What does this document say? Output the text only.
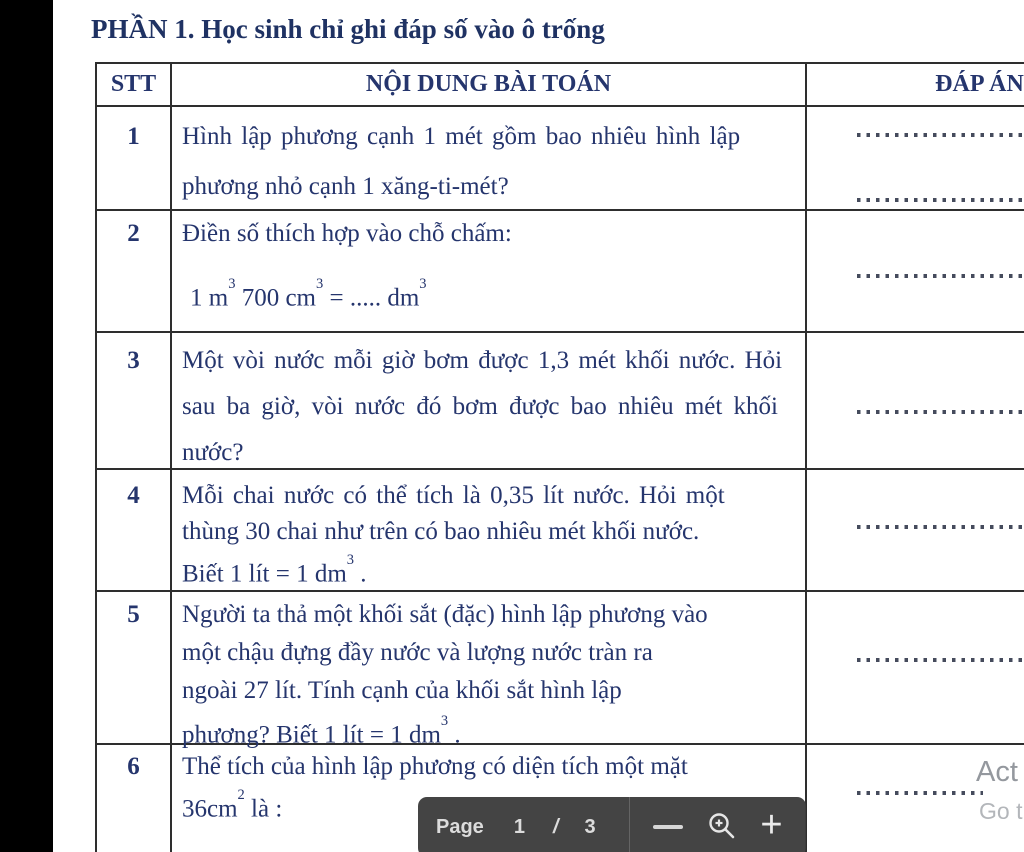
PHẦN 1. Học sinh chỉ ghi đáp số vào ô trống
STT	NỘI DUNG BÀI TOÁN	ĐÁP ÁN
1	Hình lập phương cạnh 1 mét gồm bao nhiêu hình lập
phương nhỏ cạnh 1 xăng-ti-mét?
2	Điền số thích hợp vào chỗ chấm:
1 $m^3$ 700 $cm^3$ = ..... $dm^3$
3	Một vòi nước mỗi giờ bơm được 1,3 mét khối nước. Hỏi
sau ba giờ, vòi nước đó bơm được bao nhiêu mét khối
nước?
4	Mỗi chai nước có thể tích là 0,35 lít nước. Hỏi một
thùng 30 chai như trên có bao nhiêu mét khối nước.
Biết 1 lít = 1 $dm^3$ .
5	Người ta thả một khối sắt (đặc) hình lập phương vào
một chậu đựng đầy nước và lượng nước tràn ra
ngoài 27 lít. Tính cạnh của khối sắt hình lập
phương? Biết 1 lít = 1 $dm^3$ .
6	Thể tích của hình lập phương có diện tích một mặt
$36cm^2$ là :
Page 1 / 3	+
Act
Go t
